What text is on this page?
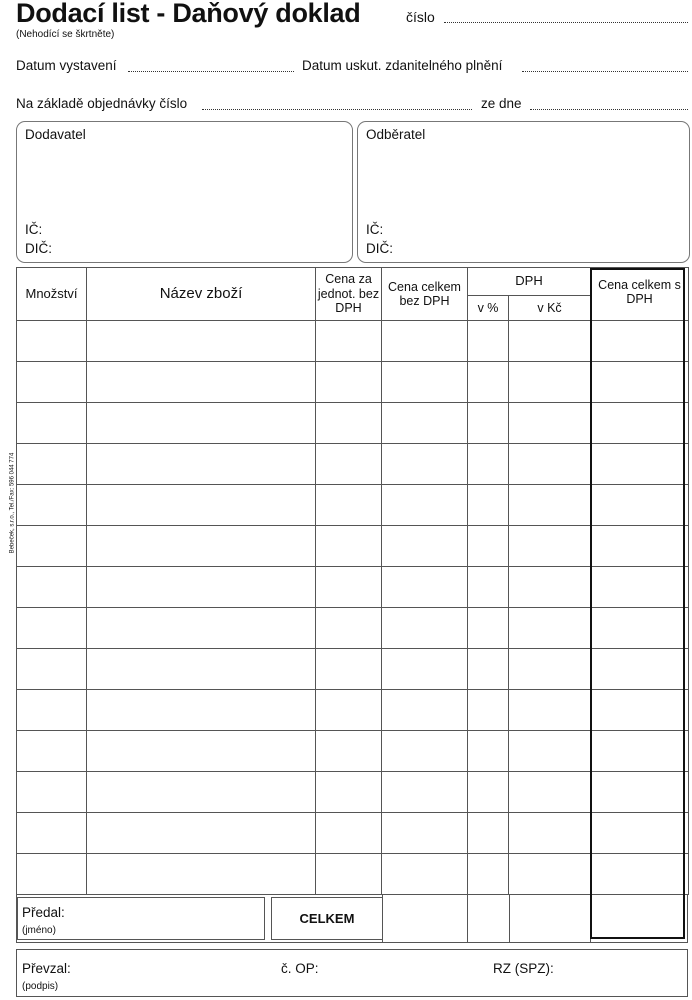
Dodací list - Daňový doklad	číslo
(Nehodící se škrtněte)
Datum vystavení	Datum uskut. zdanitelného plnění
Na základě objednávky číslo	ze dne
Dodavatel
IČ:
DIČ:
Odběratel
IČ:
DIČ:
Množství	Název zboží	Cena za jednot. bez DPH	Cena celkem bez DPH	DPH		Cena celkem s DPH
				v %	v Kč	

Předal:
(jméno)
CELKEM
Převzal:
(podpis)
č. OP:	RZ (SPZ):
Bebeček, s.r.o., Tel./Fax: 596 044 774
